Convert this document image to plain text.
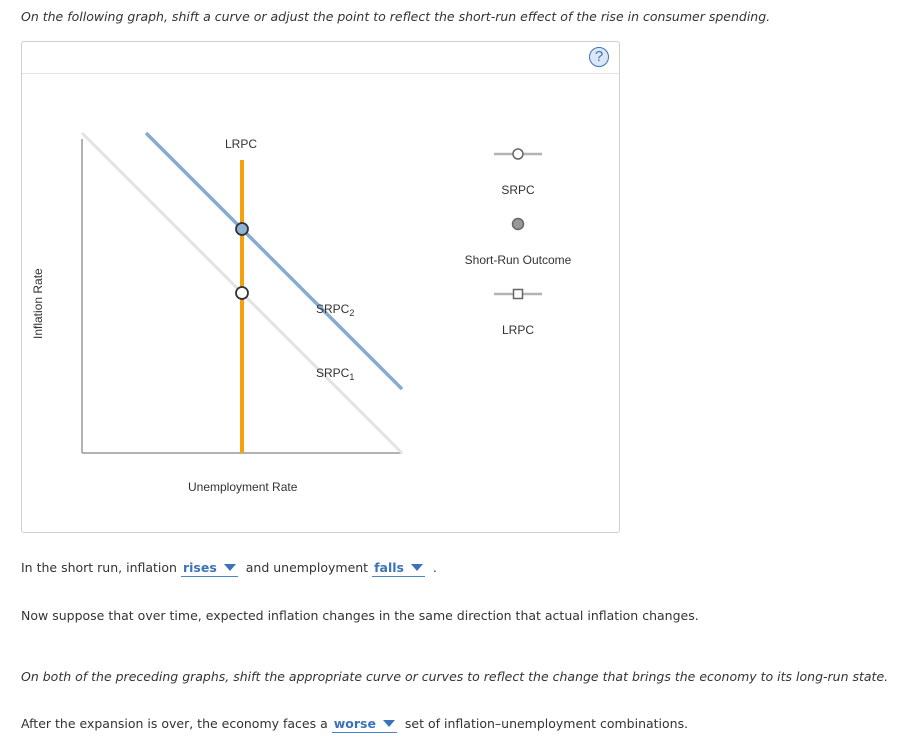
On the following graph, shift a curve or adjust the point to reflect the short-run effect of the rise in consumer spending.
?
Inflation Rate
Unemployment Rate
LRPC
$SRPC_2$
$SRPC_1$
SRPC
Short-Run Outcome
LRPC
In the short run, inflation rises and unemployment falls .
Now suppose that over time, expected inflation changes in the same direction that actual inflation changes.
On both of the preceding graphs, shift the appropriate curve or curves to reflect the change that brings the economy to its long-run state.
After the expansion is over, the economy faces a worse set of inflation–unemployment combinations.
